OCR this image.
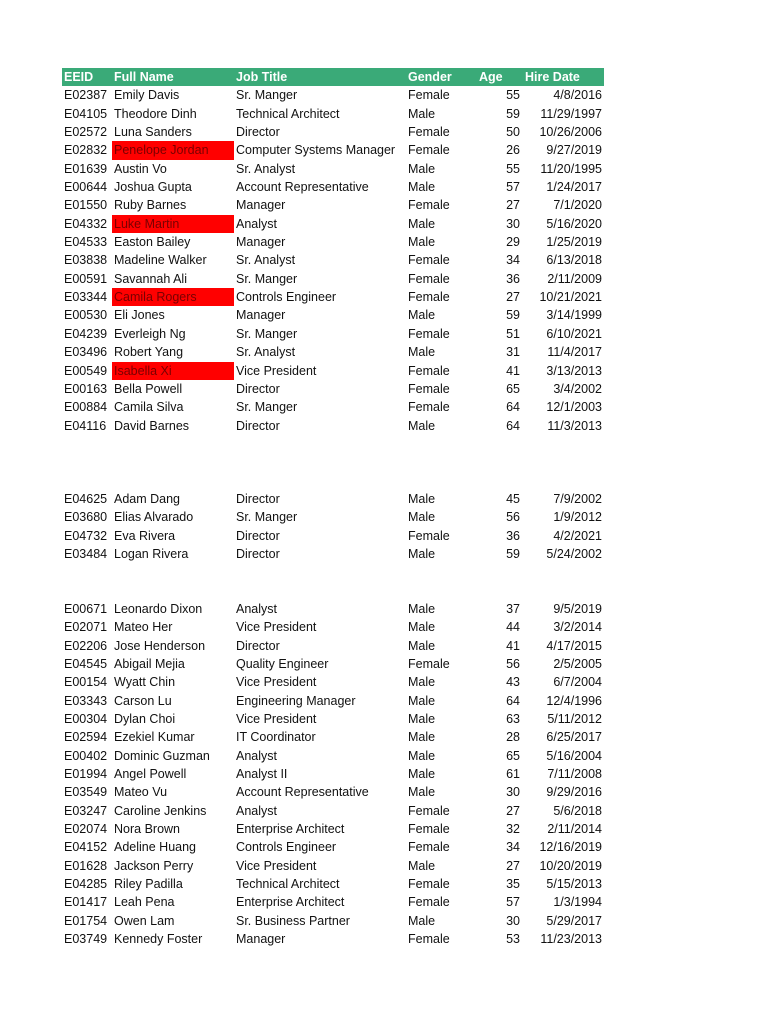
EEID	Full Name	Job Title	Gender	Age	Hire Date
E02387 Emily Davis	Sr. Manger	Female	55	4/8/2016
E04105 Theodore Dinh	Technical Architect	Male	59	11/29/1997
E02572 Luna Sanders	Director	Female	50	10/26/2006
E02832 Penelope Jordan	Computer Systems Manager	Female	26	9/27/2019
E01639 Austin Vo	Sr. Analyst	Male	55	11/20/1995
E00644 Joshua Gupta	Account Representative	Male	57	1/24/2017
E01550 Ruby Barnes	Manager	Female	27	7/1/2020
E04332 Luke Martin	Analyst	Male	30	5/16/2020
E04533 Easton Bailey	Manager	Male	29	1/25/2019
E03838 Madeline Walker	Sr. Analyst	Female	34	6/13/2018
E00591 Savannah Ali	Sr. Manger	Female	36	2/11/2009
E03344 Camila Rogers	Controls Engineer	Female	27	10/21/2021
E00530 Eli Jones	Manager	Male	59	3/14/1999
E04239 Everleigh Ng	Sr. Manger	Female	51	6/10/2021
E03496 Robert Yang	Sr. Analyst	Male	31	11/4/2017
E00549 Isabella Xi	Vice President	Female	41	3/13/2013
E00163 Bella Powell	Director	Female	65	3/4/2002
E00884 Camila Silva	Sr. Manger	Female	64	12/1/2003
E04116 David Barnes	Director	Male	64	11/3/2013
E04625 Adam Dang	Director	Male	45	7/9/2002
E03680 Elias Alvarado	Sr. Manger	Male	56	1/9/2012
E04732 Eva Rivera	Director	Female	36	4/2/2021
E03484 Logan Rivera	Director	Male	59	5/24/2002
E00671 Leonardo Dixon	Analyst	Male	37	9/5/2019
E02071 Mateo Her	Vice President	Male	44	3/2/2014
E02206 Jose Henderson	Director	Male	41	4/17/2015
E04545 Abigail Mejia	Quality Engineer	Female	56	2/5/2005
E00154 Wyatt Chin	Vice President	Male	43	6/7/2004
E03343 Carson Lu	Engineering Manager	Male	64	12/4/1996
E00304 Dylan Choi	Vice President	Male	63	5/11/2012
E02594 Ezekiel Kumar	IT Coordinator	Male	28	6/25/2017
E00402 Dominic Guzman	Analyst	Male	65	5/16/2004
E01994 Angel Powell	Analyst II	Male	61	7/11/2008
E03549 Mateo Vu	Account Representative	Male	30	9/29/2016
E03247 Caroline Jenkins	Analyst	Female	27	5/6/2018
E02074 Nora Brown	Enterprise Architect	Female	32	2/11/2014
E04152 Adeline Huang	Controls Engineer	Female	34	12/16/2019
E01628 Jackson Perry	Vice President	Male	27	10/20/2019
E04285 Riley Padilla	Technical Architect	Female	35	5/15/2013
E01417 Leah Pena	Enterprise Architect	Female	57	1/3/1994
E01754 Owen Lam	Sr. Business Partner	Male	30	5/29/2017
E03749 Kennedy Foster	Manager	Female	53	11/23/2013
